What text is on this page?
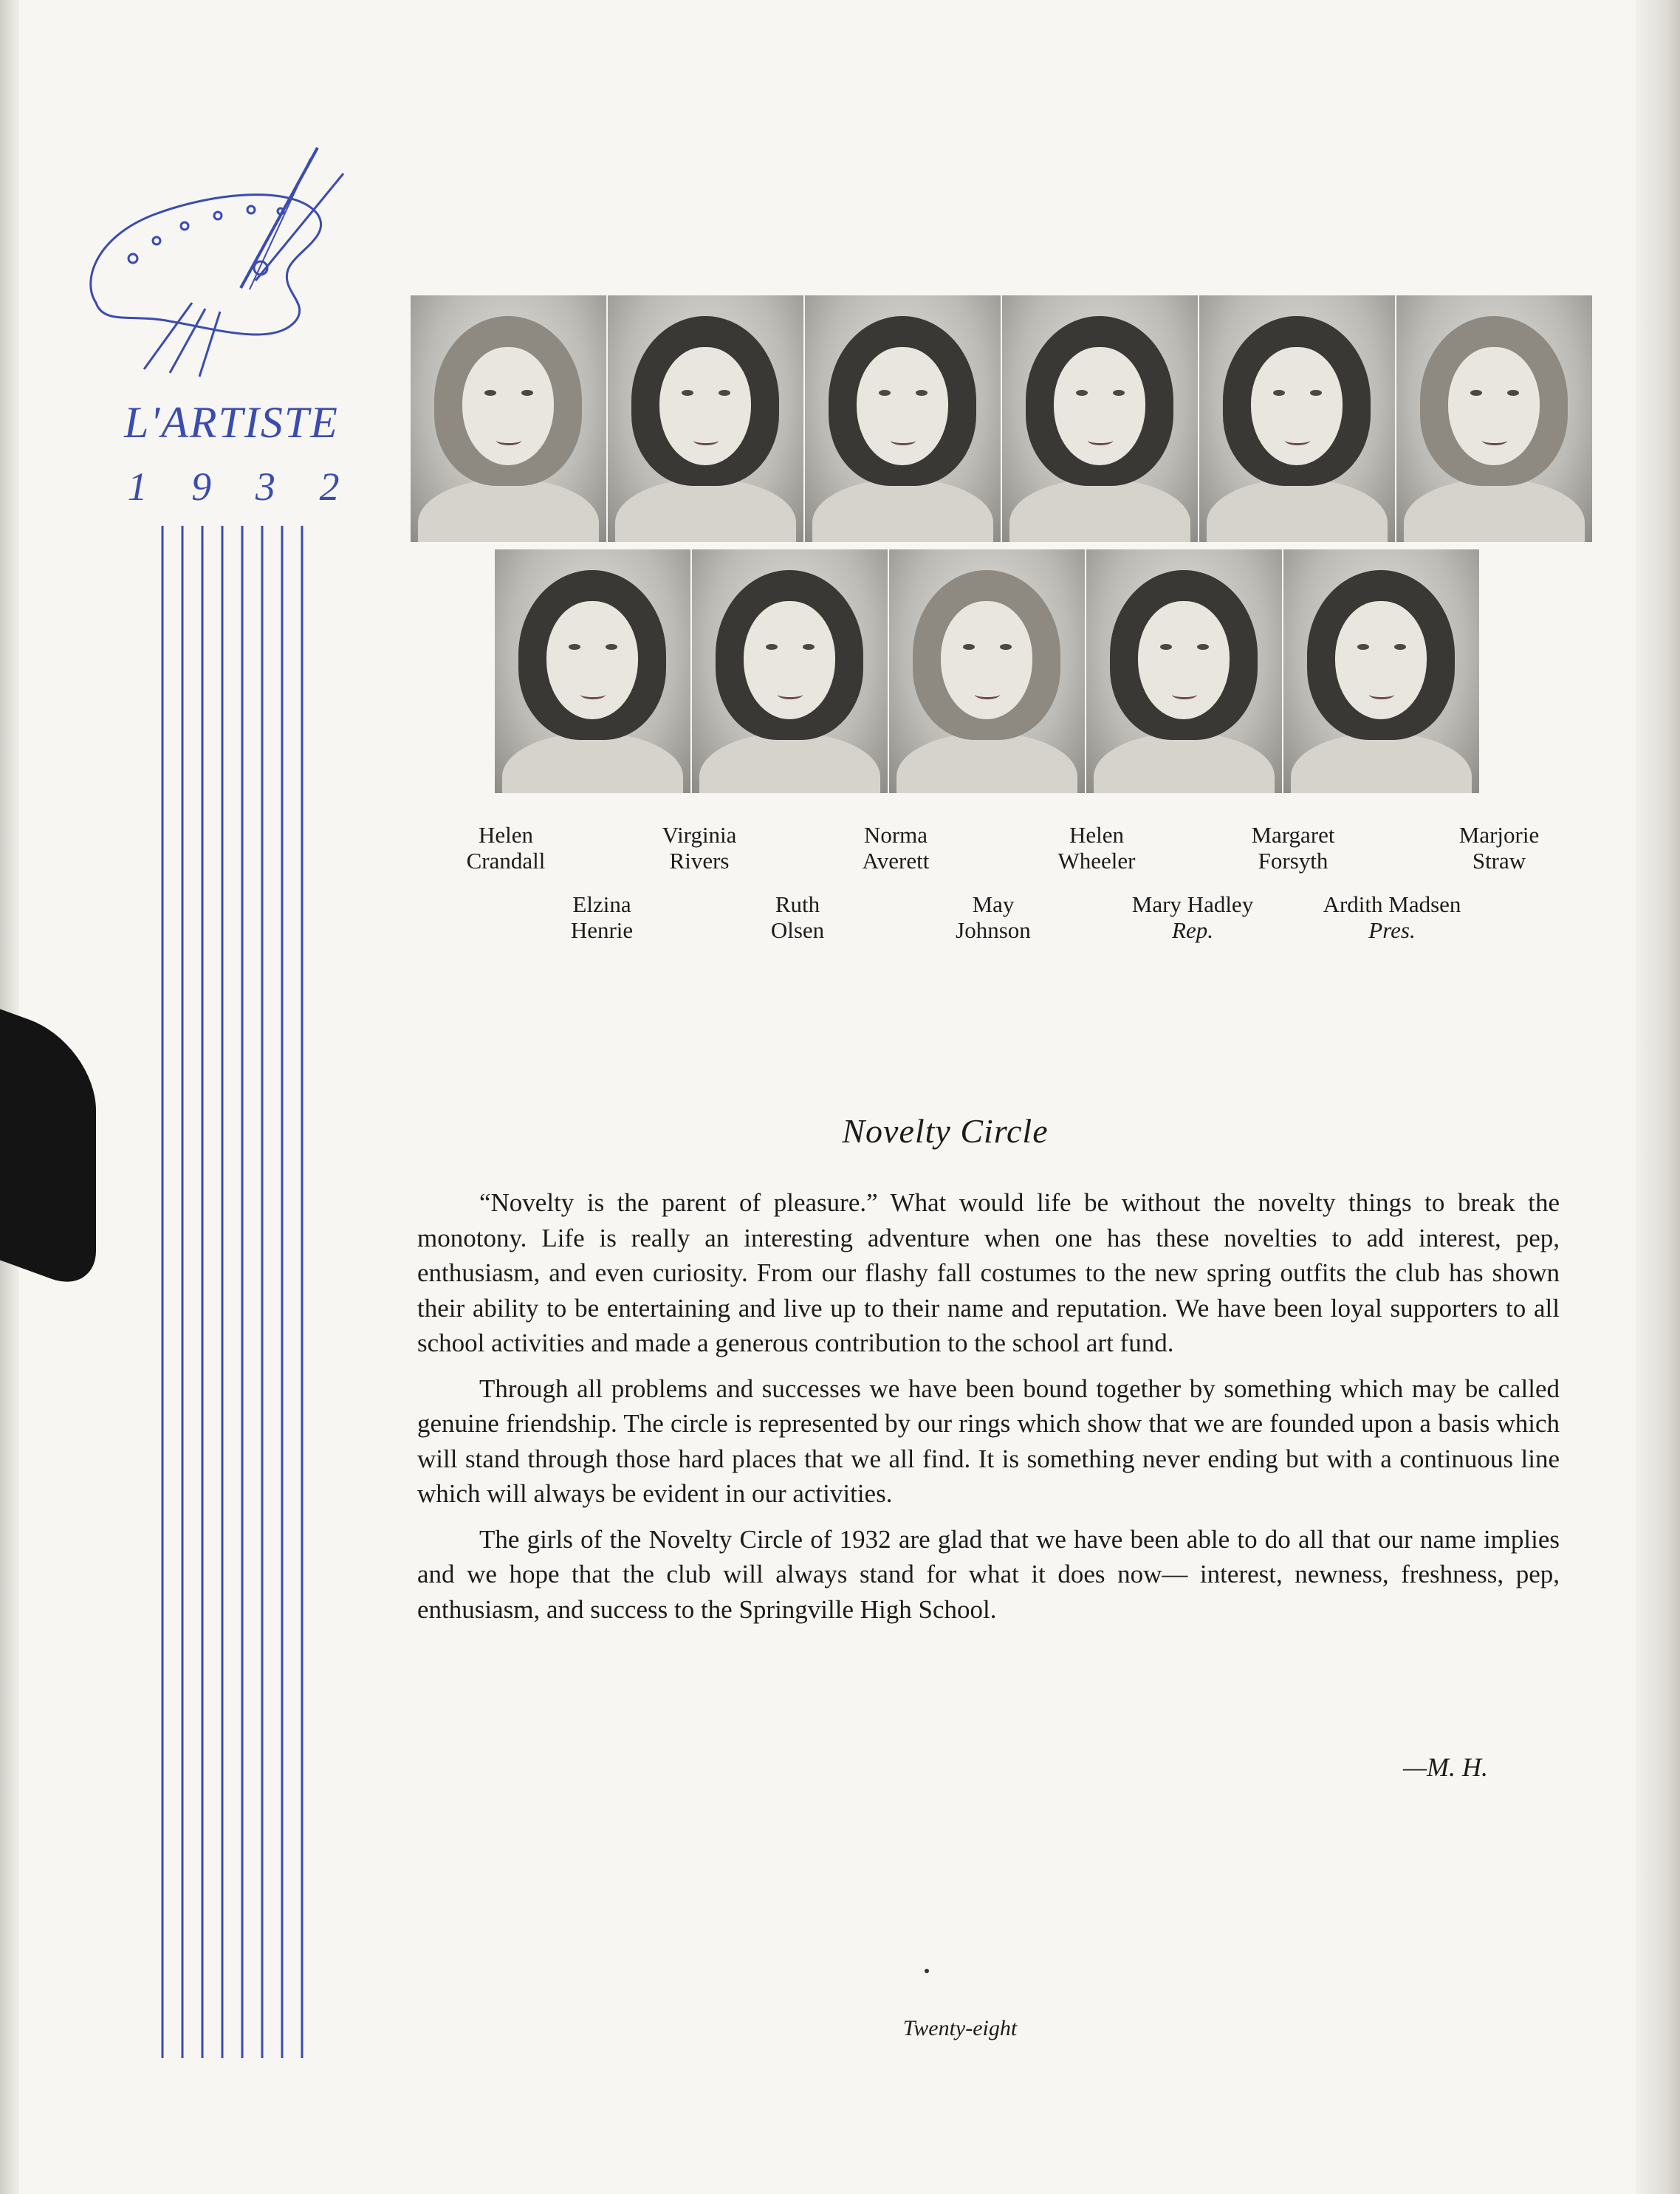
L'ARTISTE
1 9 3 2
Helen
Crandall
Virginia
Rivers
Norma
Averett
Helen
Wheeler
Margaret
Forsyth
Marjorie
Straw
Elzina
Henrie
Ruth
Olsen
May
Johnson
Mary Hadley
Rep.
Ardith Madsen
Pres.
Novelty Circle

“Novelty is the parent of pleasure.” What would life be without the novelty things to break the monotony. Life is really an interesting adventure when one has these novelties to add interest, pep, enthusiasm, and even curiosity. From our flashy fall costumes to the new spring outfits the club has shown their ability to be entertaining and live up to their name and reputation. We have been loyal supporters to all school activities and made a generous contribution to the school art fund.

Through all problems and successes we have been bound together by something which may be called genuine friendship. The circle is represented by our rings which show that we are founded upon a basis which will stand through those hard places that we all find. It is something never ending but with a continuous line which will always be evident in our activities.

The girls of the Novelty Circle of 1932 are glad that we have been able to do all that our name implies and we hope that the club will always stand for what it does now— interest, newness, freshness, pep, enthusiasm, and success to the Springville High School.

—M. H.
Twenty-eight
